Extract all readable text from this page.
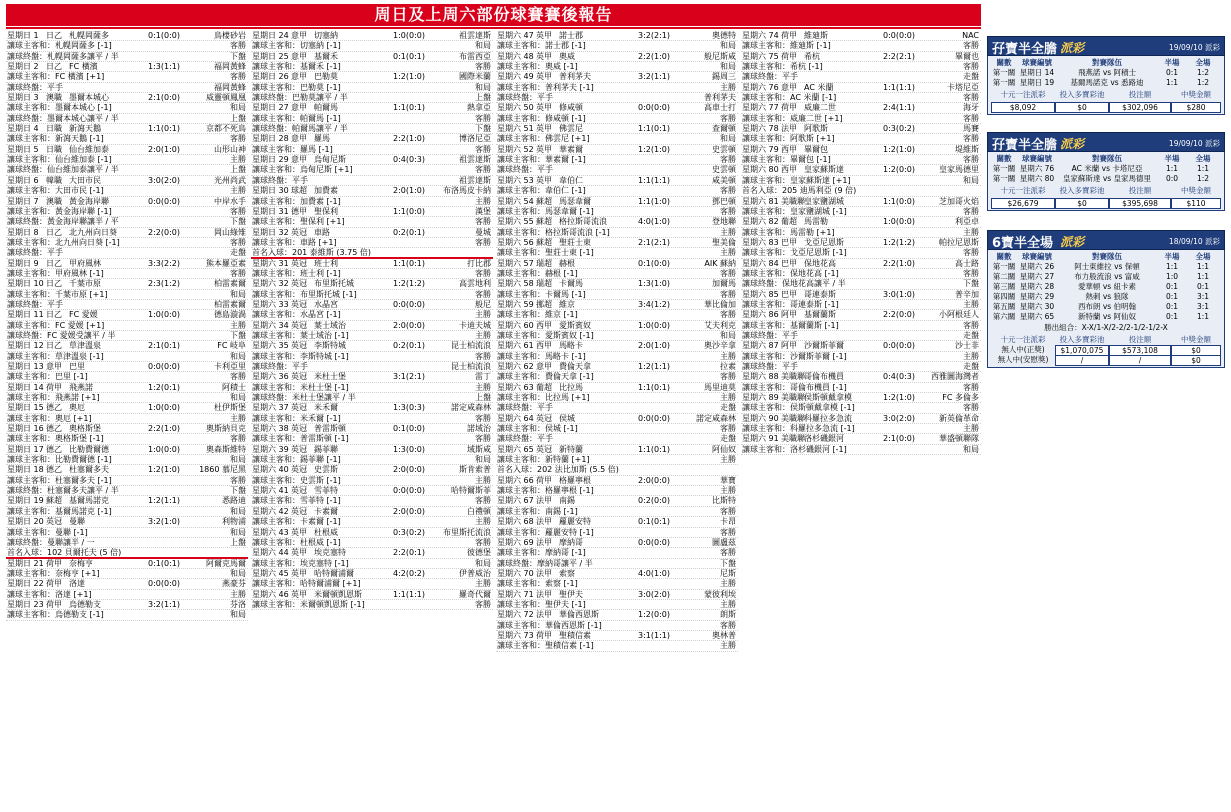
周日及上周六部份球賽賽後報告
星期日 1 日乙 札幌岡薩多	0:1(0:0)	鳥棲砂岩
讓球主客和：札幌岡薩多 [-1]	客勝
讓球終盤：札幌岡薩多讓平 / 半	下盤
星期日 2 日乙 FC 橫濱	1:3(1:1)	福岡黃蜂
讓球主客和：FC 橫濱 [+1]	客勝
讓球終盤：平手	福岡黃蜂
星期日 3 澳職 墨爾本城心	2:1(0:0)	威靈頓鳳凰
讓球主客和：墨爾本城心 [-1]	和局
讓球終盤：墨爾本城心讓平 / 半	上盤
星期日 4 日職 新瀉天鵝	1:1(0:1)	京都不死鳥
讓球主客和：新瀉天鵝 [-1]	客勝
星期日 5 日職 仙台維加泰	2:0(1:0)	山形山神
讓球主客和：仙台維加泰 [-1]	主勝
讓球終盤：仙台維加泰讓平 / 半	上盤
星期日 6 韓職 大田市民	3:0(2:0)	光州尚武
讓球主客和：大田市民 [-1]	主勝
星期日 7 澳職 黃金海岸聯	0:0(0:0)	中岸水手
讓球主客和：黃金海岸聯 [-1]	客勝
讓球終盤：黃金海岸聯讓半 / 平	下盤
星期日 8 日乙 北九州向日葵	2:2(0:0)	岡山綠雉
讓球主客和：北九州向日葵 [-1]	客勝
讓球終盤：平手	走盤
星期日 9 日乙 甲府風林	3:3(2:2)	熊本羅亞素
讓球主客和：甲府風林 [-1]	客勝
星期日 10 日乙 千葉市原	2:3(1:2)	柏雷素爾
讓球主客和：千葉市原 [+1]	和局
讓球終盤：平手	柏雷素爾
星期日 11 日乙 FC 愛媛	1:0(0:0)	德島漩渦
讓球主客和：FC 愛媛 [+1]	主勝
讓球終盤：FC 愛媛受讓平 / 半	下盤
星期日 12 日乙 草津溫泉	2:1(0:1)	FC 岐阜
讓球主客和：草津溫泉 [-1]	和局
星期日 13 意甲 巴里	0:0(0:0)	卡利亞里
讓球主客和：巴里 [-1]	客勝
星期日 14 荷甲 飛燕諾	1:2(0:1)	阿積士
讓球主客和：飛燕諾 [+1]	和局
星期日 15 德乙 奧厄	1:0(0:0)	杜伊斯堡
讓球主客和：奧厄 [+1]	主勝
星期日 16 德乙 奧格斯堡	2:2(1:0)	奧斯納貝克
讓球主客和：奧格斯堡 [-1]	客勝
星期日 17 德乙 比勒費爾德	1:0(0:0)	奧森斯維特
讓球主客和：比勒費爾德 [-1]	和局
星期日 18 德乙 杜塞爾多夫	1:2(1:0) 1860 慕尼黑
讓球主客和：杜塞爾多夫 [-1]	客勝
讓球終盤：杜塞爾多夫讓平 / 半	下盤
星期日 19 蘇超 基爾馬諾克	1:2(1:1)	悉路迪
讓球主客和：基爾馬諾克 [-1]	和局
星期日 20 英冠 曼聯	3:2(1:0)	利物浦
讓球主客和：曼聯 [-1]	和局
讓球終盤：曼聯讓半 / 一	上盤
首名入球：102 貝爾托夫 (5 倍)
星期日 21 荷甲 奈梅亨	0:1(0:1)	阿爾克馬爾
讓球主客和：奈梅亨 [+1]	和局
星期日 22 荷甲 洛達	0:0(0:0)	燕豪芬
讓球主客和：洛達 [+1]	主勝
星期日 23 荷甲 烏德勒支	3:2(1:1)	芬洛
讓球主客和：烏德勒支 [-1]	和局
星期日 24 意甲 切塞納	1:0(0:0)	祖雲達斯
讓球主客和：切塞納 [-1]	和局
星期日 25 意甲 基爾禾	0:1(0:1)	布雷西亞
讓球主客和：基爾禾 [-1]	客勝
星期日 26 意甲 巴勒莫	1:2(1:0)	國際米蘭
讓球主客和：巴勒莫 [-1]	和局
讓球終盤：巴勒莫讓平 / 半	上盤
星期日 27 意甲 帕爾馬	1:1(0:1)	熱拿亞
讓球主客和：帕爾馬 [-1]	客勝
讓球終盤：帕爾馬讓平 / 半	下盤
星期日 28 意甲 羅馬	2:2(1:0)	博洛尼亞
讓球主客和：羅馬 [-1]	客勝
星期日 29 意甲 烏甸尼斯	0:4(0:3)	祖雲達斯
讓球主客和：烏甸尼斯 [+1]	客勝
讓球終盤：平手	祖雲達斯
星期日 30 球超 加費素	2:0(1:0) 布洛馬皮卡納
讓球主客和：加費素 [-1]	主勝
星期日 31 德甲 聖保利	1:1(0:0)	漢堡
讓球主客和：聖保利 [+1]	客勝
星期日 32 英冠 車路	0:2(0:1)	曼城
讓球主客和：車路 [+1]	客勝
首名入球：201 泰維斯 (3.75 倍)
星期六 31 英冠 班士利	1:1(0:1)	打比郡
讓球主客和：班士利 [-1]	客勝
星期六 32 英冠 布里斯托城	1:2(1:2)	高雲地利
讓球主客和：布里斯托城 [-1]	客勝
星期六 33 英冠 水晶宮	0:0(0:0)	般尼
讓球主客和：水晶宮 [-1]	主勝
星期六 34 英冠 葉士域治	2:0(0:0)	卡迪夫城
讓球主客和：葉士域治 [-1]	主勝
星期六 35 英冠 李斯特城	0:2(0:1)	昆士柏流浪
讓球主客和：李斯特城 [-1]	客勝
讓球終盤：平手	昆士柏流浪
星期六 36 英冠 米杜士堡	3:1(2:1)	雷丁
讓球主客和：米杜士堡 [-1]	主勝
讓球終盤：米杜士堡讓平 / 半	上盤
星期六 37 英冠 米禾爾	1:3(0:3)	諾定咸森林
讓球主客和：米禾爾 [-1]	客勝
星期六 38 英冠 普雷斯頓	0:1(0:0)	諾域治
讓球主客和：普雷斯頓 [-1]	客勝
星期六 39 英冠 錫菲聯	1:3(0:0)	域斯咸
讓球主客和：錫菲聯 [-1]	和局
星期六 40 英冠 史雲斯	2:0(0:0)	斯肯索普
讓球主客和：史雲斯 [-1]	主勝
星期六 41 英冠 雪菲特	0:0(0:0)	哈特爾斯菲
讓球主客和：雪菲特 [-1]	客勝
星期六 42 英冠 卡素爾	2:0(0:0)	白禮頓
讓球主客和：卡素爾 [-1]	主勝
星期六 43 英甲 杜根威	0:3(0:2) 布里斯托流浪
讓球主客和：杜根威 [-1]	客勝
星期六 44 英甲 埃克塞特	2:2(0:1)	彼德堡
讓球主客和：埃克塞特 [-1]	和局
星期六 45 英甲 哈特爾浦爾	4:2(0:2)	伊普威治
讓球主客和：哈特爾浦爾 [+1]	主勝
星期六 46 英甲 米爾頓凱恩斯	1:1(1:1)	羅奇代爾
讓球主客和：米爾頓凱恩斯 [-1]	客勝
星期六 47 英甲 諾士郡	3:2(2:1)	奧德特
讓球主客和：諾士郡 [-1]	和局
星期六 48 英甲 奧威	2:2(1:0)	般尼斯咸
讓球主客和：奧威 [-1]	和局
星期六 49 英甲 普利茅夫	3:2(1:1)	錫周三
讓球主客和：普利茅夫 [-1]	主勝
讓球終盤：平手	普利茅夫
星期六 50 英甲 修咸頓	0:0(0:0)	高車士打
讓球主客和：修咸頓 [-1]	客勝
星期六 51 英甲 佛雲尼	1:1(0:1)	查爾頓
讓球主客和：佛雲尼 [+1]	和局
星期六 52 英甲 華素爾	1:2(1:0)	史雲頓
讓球主客和：華素爾 [-1]	客勝
讓球終盤：平手	史雲頓
星期六 53 英甲 韋伯仁	1:1(1:1)	咸美頓
讓球主客和：韋伯仁 [-1]	客勝
星期六 54 蘇超 馬瑟韋爾	1:1(1:0)	鄧巴頓
讓球主客和：馬瑟韋爾 [-1]	客勝
星期六 55 蘇超 格拉斯哥流浪	4:0(1:0)	登地聯
讓球主客和：格拉斯哥流浪 [-1]	主勝
星期六 56 蘇超 聖莊士東	2:1(2:1)	聖美倫
讓球主客和：聖莊士東 [-1]	主勝
星期六 57 瑞超 赫根	0:1(0:0)	AIK 蘇納
讓球主客和：赫根 [-1]	客勝
星期六 58 瑞超 卡爾馬	1:3(1:0)	加爾馬
讓球主客和：卡爾馬 [-1]	客勝
星期六 59 挪超 維京	3:4(1:2)	華比倫加
讓球主客和：維京 [-1]	客勝
星期六 60 西甲 愛斯賓奴	1:0(0:0)	艾夫利克
讓球主客和：愛斯賓奴 [-1]	和局
星期六 61 西甲 馬略卡	2:0(1:0)	奧沙辛拿
讓球主客和：馬略卡 [-1]	主勝
星期六 62 意甲 費倫天拿	1:2(1:1)	拉素
讓球主客和：費倫天拿 [-1]	客勝
星期六 63 葡超 比拉馬	1:1(0:1)	馬里迪莫
讓球主客和：比拉馬 [+1]	主勝
讓球終盤：平手	走盤
星期六 64 英冠 侯城	0:0(0:0)	諾定咸森林
讓球主客和：侯城 [-1]	客勝
讓球終盤：平手	走盤
星期六 65 英冠 新特蘭	1:1(0:1)	阿仙奴
讓球主客和：新特蘭 [+1]	主勝
首名入球：202 法比加斯 (5.5 倍)
星期六 66 荷甲 格羅寧根	2:0(0:0)	華寶
讓球主客和：格羅寧根 [-1]	主勝
星期六 67 法甲 南錫	0:2(0:0)	比斯特
讓球主客和：南錫 [-1]	客勝
星期六 68 法甲 蘿麗安特	0:1(0:1)	卡昂
讓球主客和：蘿麗安特 [-1]	客勝
星期六 69 法甲 摩納哥	0:0(0:0)	圖盧茲
讓球主客和：摩納哥 [-1]	客勝
讓球終盤：摩納哥讓平 / 半	下盤
星期六 70 法甲 索察	4:0(1:0)	尼斯
讓球主客和：索察 [-1]	主勝
星期六 71 法甲 聖伊夫	3:0(2:0)	蒙彼利埃
讓球主客和：聖伊夫 [-1]	主勝
星期六 72 法甲 華倫西恩斯	1:2(0:0)	朗斯
讓球主客和：華倫西恩斯 [-1]	客勝
星期六 73 荷甲 聖積信素	3:1(1:1)	奧林普
讓球主客和：聖積信素 [-1]	主勝
星期六 74 荷甲 維廸斯	0:0(0:0)	NAC
讓球主客和：維廸斯 [-1]	客勝
星期六 75 荷甲 希杭	2:2(2:1)	畢爾也
讓球主客和：希杭 [-1]	客勝
讓球終盤：平手	走盤
星期六 76 意甲 AC 米蘭	1:1(1:1)	卡塔尼亞
讓球主客和：AC 米蘭 [-1]	客勝
星期六 77 荷甲 威廉二世	2:4(1:1)	海牙
讓球主客和：威廉二世 [+1]	客勝
星期六 78 法甲 阿歌斯	0:3(0:2)	馬賽
讓球主客和：阿歌斯 [+1]	客勝
星期六 79 西甲 畢爾包	1:2(1:0)	堤維斯
讓球主客和：畢爾包 [-1]	客勝
星期六 80 西甲 皇家蘇斯達	1:2(0:0)	皇家馬德里
讓球主客和：皇家蘇斯達 [+1]	和局
首名入球：205 迪馬利亞 (9 倍)
星期六 81 美職聯 皇家鹽湖城	1:1(0:0)	芝加哥火焰
讓球主客和：皇家鹽湖城 [-1]	客勝
星期六 82 葡超 馬雷勒	1:0(0:0)	利亞卓
讓球主客和：馬雷勒 [+1]	主勝
星期六 83 巴甲 戈亞尼恩斯	1:2(1:2)	帕拉尼恩斯
讓球主客和：戈亞尼恩斯 [-1]	客勝
星期六 84 巴甲 保地花高	2:2(1:0)	高士路
讓球主客和：保地花高 [-1]	客勝
讓球終盤：保地花高讓平 / 半	下盤
星期六 85 巴甲 哥連泰斯	3:0(1:0)	普辛加
讓球主客和：哥連泰斯 [-1]	主勝
星期六 86 阿甲 基爾蘭斯	2:2(0:0)	小阿根廷人
讓球主客和：基爾蘭斯 [-1]	客勝
讓球終盤：平手	走盤
星期六 87 阿甲 沙爾斯菲爾	0:0(0:0)	沙士非
讓球主客和：沙爾斯菲爾 [-1]	主勝
讓球終盤：平手	走盤
星期六 88 美職聯 哥倫布機員	0:4(0:3) 西雅圖海灣者
讓球主客和：哥倫布機員 [-1]	客勝
星期六 89 美職聯 侯斯頓戴拿模	1:2(1:0)	FC 多倫多
讓球主客和：侯斯頓戴拿模 [-1]	客勝
星期六 90 美職聯 科羅拉多急流	3:0(2:0)	新英倫革命
讓球主客和：科羅拉多急流 [-1]	主勝
星期六 91 美職聯 洛杉磯銀河	2:1(0:0)	華盛頓聯隊
讓球主客和：洛杉磯銀河 [-1]	和局
孖寶半全膽 派彩	19/09/10 派彩
關數	球賽編號	對賽隊伍	半場	全場
第一關 星期日 14	飛燕諾 vs 阿積士	0:1	1:2
第一關 星期日 19	基爾馬諾克 vs 悉路迪	1:1	1:2
十元一注派彩	投入多寶彩池	投注額	中獎金額
$8,092	$0	$302,096	$280
孖寶半全膽 派彩	19/09/10 派彩
關數	球賽編號	對賽隊伍	半場	全場
第一關 星期六 76	AC 米蘭 vs 卡塔尼亞	1:1	1:1
第一關 星期六 80	皇家蘇斯達 vs 皇家馬德里	0:0	1:2
十元一注派彩	投入多寶彩池	投注額	中獎金額
$26,679	$0	$395,698	$110
6寶半全場 派彩	18/09/10 派彩
關數	球賽編號	對賽隊伍	半場	全場
第一關 星期六 26	阿士東維拉 vs 保頓	1:1	1:1
第二關 星期六 27	布力般流浪 vs 富咸	1:0	1:1
第三關 星期六 28	愛華頓 vs 紐卡素	0:1	0:1
第四關 星期六 29	熱刺 vs 狼隊	0:1	3:1
第五關 星期六 30	西布朗 vs 伯明翰	0:1	3:1
第六關 星期六 65	新特蘭 vs 阿仙奴	0:1	1:1
勝出組合：X-X/1-X/2-2/2-1/2-1/2-X
十元一注派彩	投入多寶彩池	投注額	中獎金額
無人中(正獎)	$1,070,075	$573,108	$0
無人中(安慰獎)	/	/	$0
